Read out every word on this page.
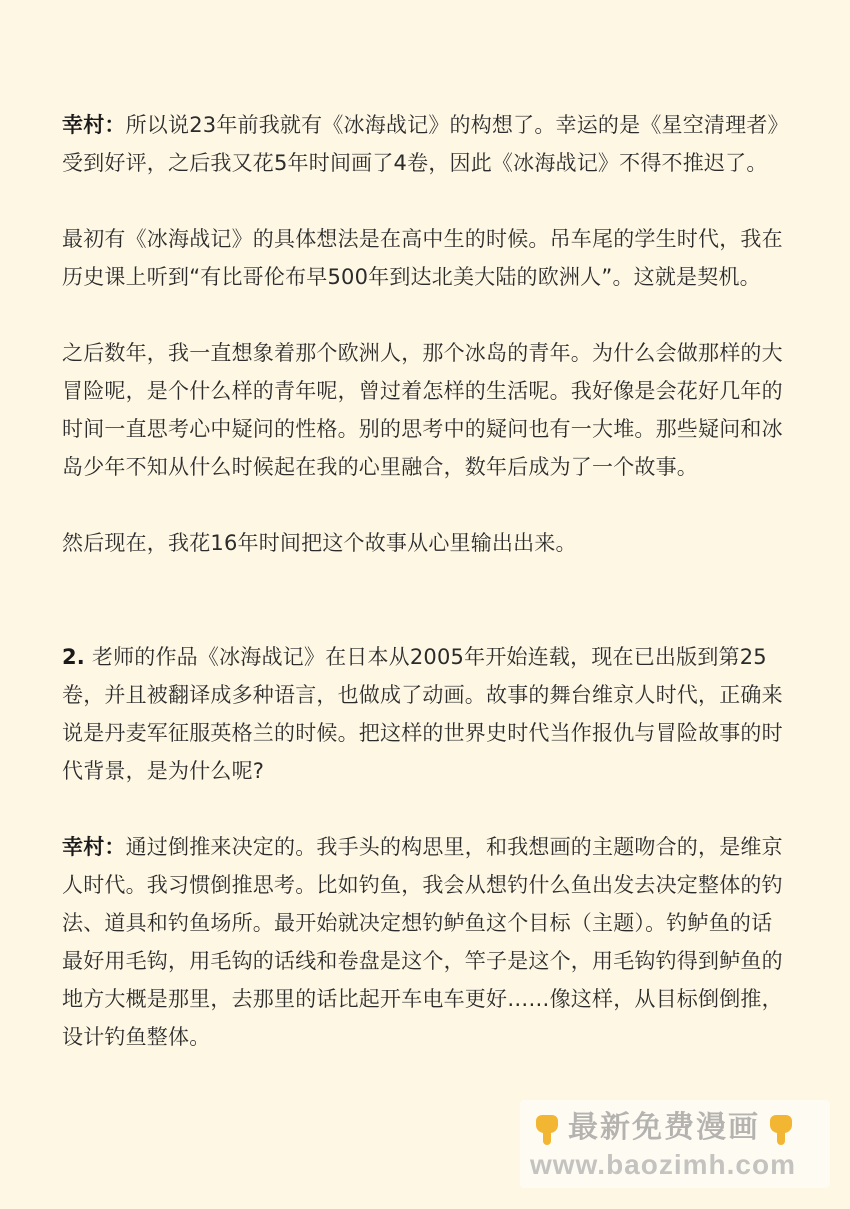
幸村：所以说23年前我就有《冰海战记》的构想了。幸运的是《星空清理者》受到好评，之后我又花5年时间画了4卷，因此《冰海战记》不得不推迟了。

最初有《冰海战记》的具体想法是在高中生的时候。吊车尾的学生时代，我在历史课上听到“有比哥伦布早500年到达北美大陆的欧洲人”。这就是契机。

之后数年，我一直想象着那个欧洲人，那个冰岛的青年。为什么会做那样的大冒险呢，是个什么样的青年呢，曾过着怎样的生活呢。我好像是会花好几年的时间一直思考心中疑问的性格。别的思考中的疑问也有一大堆。那些疑问和冰岛少年不知从什么时候起在我的心里融合，数年后成为了一个故事。

然后现在，我花16年时间把这个故事从心里输出出来。

2. 老师的作品《冰海战记》在日本从2005年开始连载，现在已出版到第25卷，并且被翻译成多种语言，也做成了动画。故事的舞台维京人时代，正确来说是丹麦军征服英格兰的时候。把这样的世界史时代当作报仇与冒险故事的时代背景，是为什么呢?

幸村：通过倒推来决定的。我手头的构思里，和我想画的主题吻合的，是维京人时代。我习惯倒推思考。比如钓鱼，我会从想钓什么鱼出发去决定整体的钓法、道具和钓鱼场所。最开始就决定想钓鲈鱼这个目标（主题）。钓鲈鱼的话最好用毛钩，用毛钩的话线和卷盘是这个，竿子是这个，用毛钩钓得到鲈鱼的地方大概是那里，去那里的话比起开车电车更好……像这样，从目标倒倒推，设计钓鱼整体。

最新免费漫画
www.baozimh.com
